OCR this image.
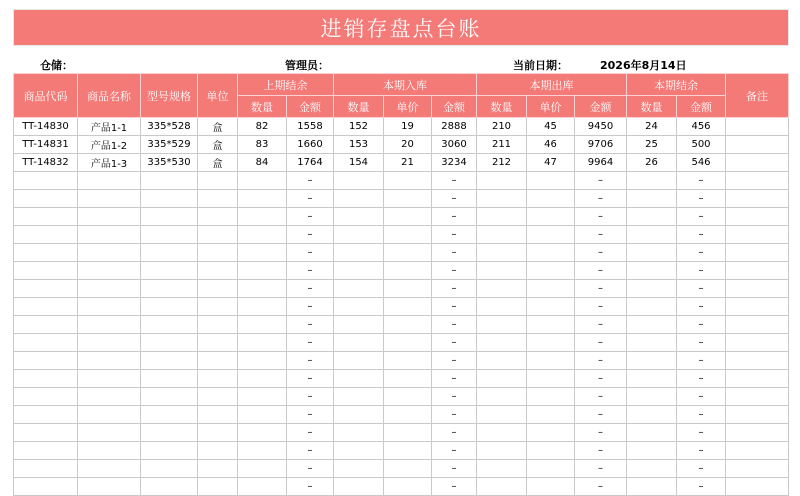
进销存盘点台账
仓储：	管理员：	当前日期：	2026年8月14日
商品代码	商品名称	型号规格	单位	上期结余		本期入库			本期出库			本期结余		备注
				数量	金额	数量	单价	金额	数量	单价	金额	数量	金额	
TT-14830	产品1-1	335*528	盒	82	1558	152	19	2888	210	45	9450	24	456	
TT-14831	产品1-2	335*529	盒	83	1660	153	20	3060	211	46	9706	25	500	
TT-14832	产品1-3	335*530	盒	84	1764	154	21	3234	212	47	9964	26	546	
					–			–			–		–	
					–			–			–		–	
					–			–			–		–	
					–			–			–		–	
					–			–			–		–	
					–			–			–		–	
					–			–			–		–	
					–			–			–		–	
					–			–			–		–	
					–			–			–		–	
					–			–			–		–	
					–			–			–		–	
					–			–			–		–	
					–			–			–		–	
					–			–			–		–	
					–			–			–		–	
					–			–			–		–	
					–			–			–		–	
